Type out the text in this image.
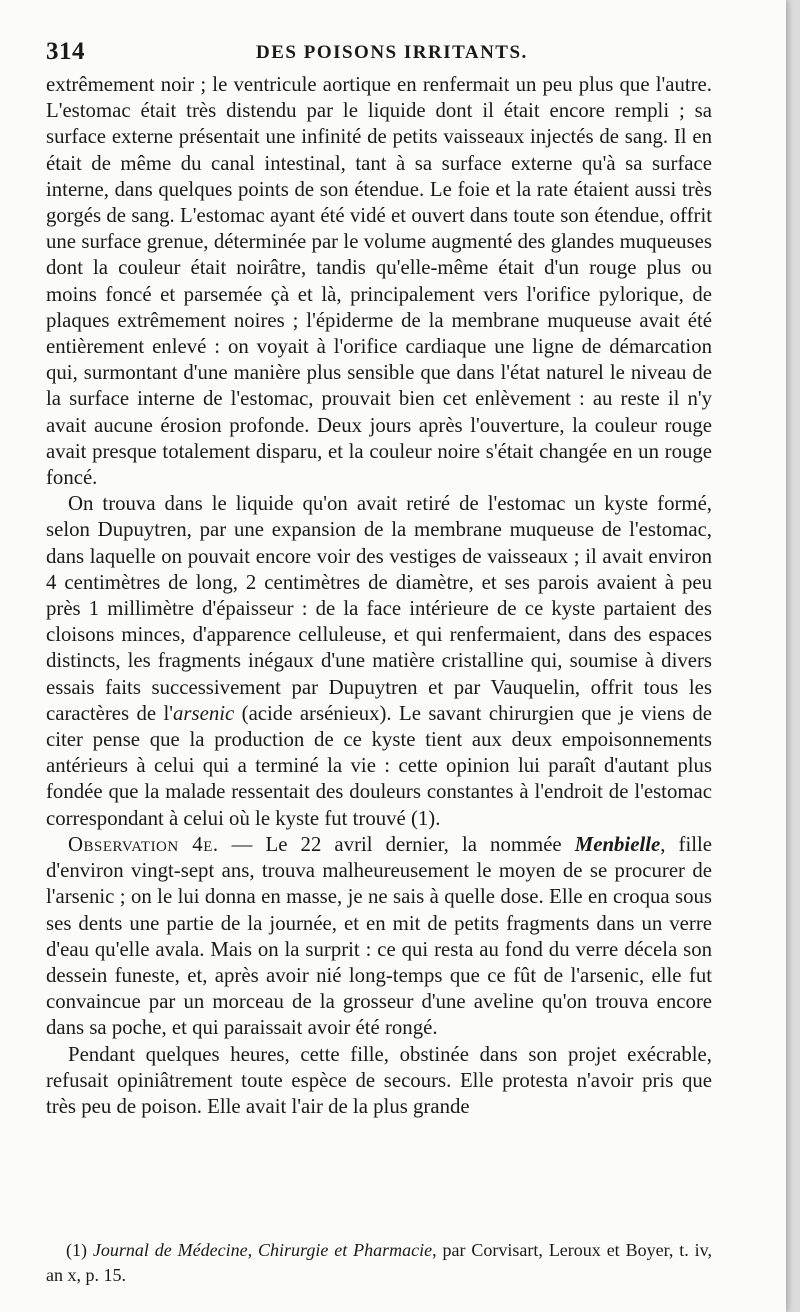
314	DES POISONS IRRITANTS.

extrêmement noir ; le ventricule aortique en renfermait un peu plus que l'autre. L'estomac était très distendu par le liquide dont il était encore rempli ; sa surface externe présentait une infinité de petits vaisseaux injectés de sang. Il en était de même du canal intestinal, tant à sa surface externe qu'à sa surface interne, dans quelques points de son étendue. Le foie et la rate étaient aussi très gorgés de sang. L'estomac ayant été vidé et ouvert dans toute son étendue, offrit une surface grenue, déterminée par le volume augmenté des glandes muqueuses dont la couleur était noirâtre, tandis qu'elle-même était d'un rouge plus ou moins foncé et parsemée çà et là, principalement vers l'orifice pylorique, de plaques extrêmement noires ; l'épiderme de la membrane muqueuse avait été entièrement enlevé : on voyait à l'orifice cardiaque une ligne de démarcation qui, surmontant d'une manière plus sensible que dans l'état naturel le niveau de la surface interne de l'estomac, prouvait bien cet enlèvement : au reste il n'y avait aucune érosion profonde. Deux jours après l'ouverture, la couleur rouge avait presque totalement disparu, et la couleur noire s'était changée en un rouge foncé.

On trouva dans le liquide qu'on avait retiré de l'estomac un kyste formé, selon Dupuytren, par une expansion de la membrane muqueuse de l'estomac, dans laquelle on pouvait encore voir des vestiges de vaisseaux ; il avait environ 4 centimètres de long, 2 centimètres de diamètre, et ses parois avaient à peu près 1 millimètre d'épaisseur : de la face intérieure de ce kyste partaient des cloisons minces, d'apparence celluleuse, et qui renfermaient, dans des espaces distincts, les fragments inégaux d'une matière cristalline qui, soumise à divers essais faits successivement par Dupuytren et par Vauquelin, offrit tous les caractères de l'arsenic (acide arsénieux). Le savant chirurgien que je viens de citer pense que la production de ce kyste tient aux deux empoisonnements antérieurs à celui qui a terminé la vie : cette opinion lui paraît d'autant plus fondée que la malade ressentait des douleurs constantes à l'endroit de l'estomac correspondant à celui où le kyste fut trouvé (1).

Observation 4e. — Le 22 avril dernier, la nommée Menbielle, fille d'environ vingt-sept ans, trouva malheureusement le moyen de se procurer de l'arsenic ; on le lui donna en masse, je ne sais à quelle dose. Elle en croqua sous ses dents une partie de la journée, et en mit de petits fragments dans un verre d'eau qu'elle avala. Mais on la surprit : ce qui resta au fond du verre décela son dessein funeste, et, après avoir nié long-temps que ce fût de l'arsenic, elle fut convaincue par un morceau de la grosseur d'une aveline qu'on trouva encore dans sa poche, et qui paraissait avoir été rongé.

Pendant quelques heures, cette fille, obstinée dans son projet exécrable, refusait opiniâtrement toute espèce de secours. Elle protesta n'avoir pris que très peu de poison. Elle avait l'air de la plus grande

(1) Journal de Médecine, Chirurgie et Pharmacie, par Corvisart, Leroux et Boyer, t. iv, an x, p. 15.
